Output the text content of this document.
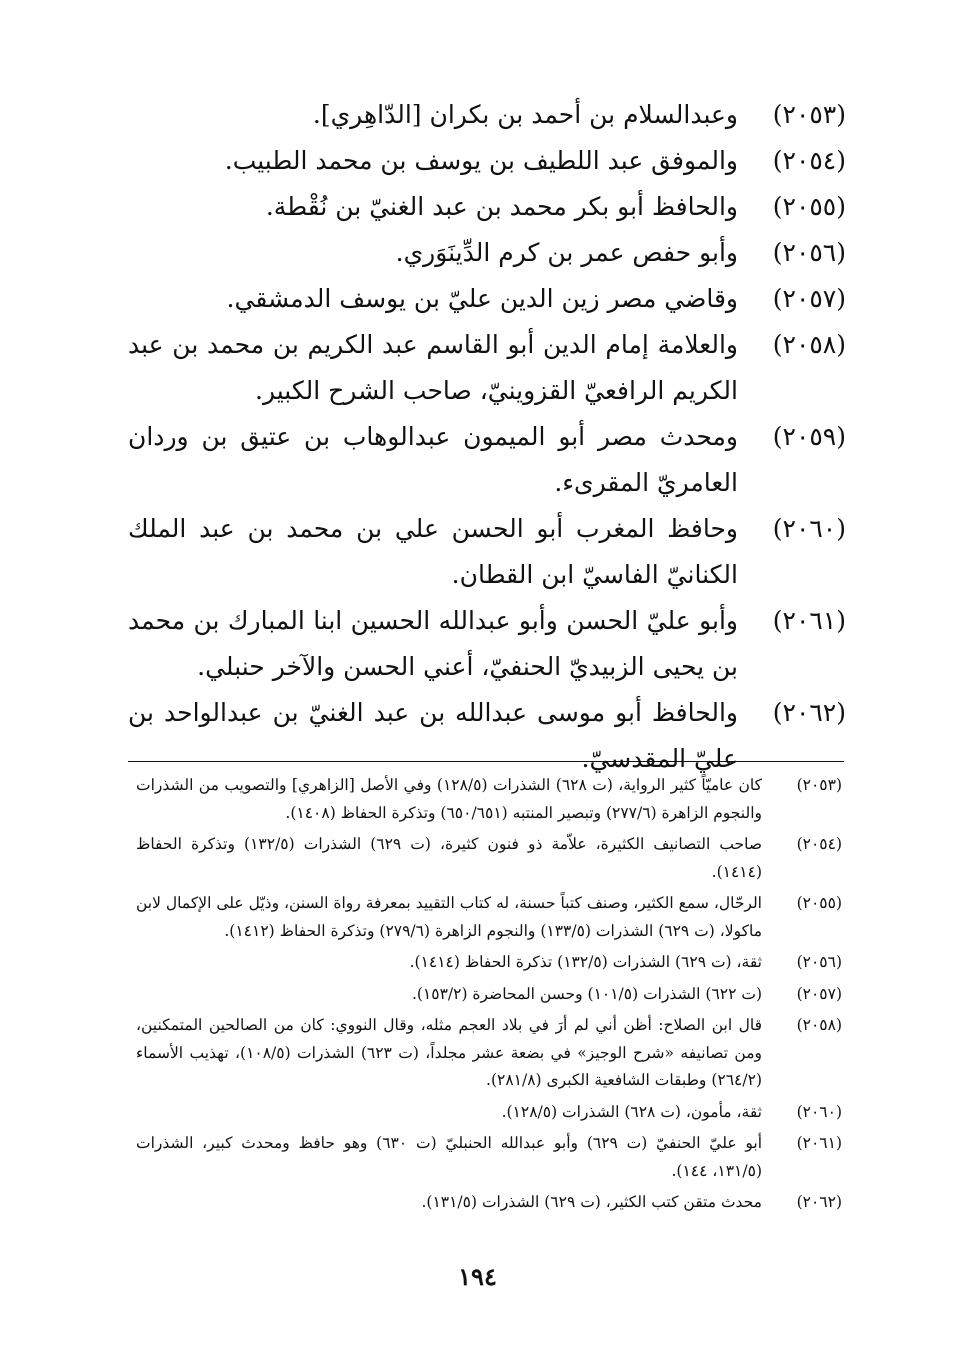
(٢٠٥٣)
وعبدالسلام بن أحمد بن بكران [الدّاهِري].
(٢٠٥٤)
والموفق عبد اللطيف بن يوسف بن محمد الطبيب.
(٢٠٥٥)
والحافظ أبو بكر محمد بن عبد الغنيّ بن نُقْطة.
(٢٠٥٦)
وأبو حفص عمر بن كرم الدِّينَوَري.
(٢٠٥٧)
وقاضي مصر زين الدين عليّ بن يوسف الدمشقي.
(٢٠٥٨)
والعلامة إمام الدين أبو القاسم عبد الكريم بن محمد بن عبد الكريم الرافعيّ القزوينيّ، صاحب الشرح الكبير.
(٢٠٥٩)
ومحدث مصر أبو الميمون عبدالوهاب بن عتيق بن وردان العامريّ المقرىء.
(٢٠٦٠)
وحافظ المغرب أبو الحسن علي بن محمد بن عبد الملك الكنانيّ الفاسيّ ابن القطان.
(٢٠٦١)
وأبو عليّ الحسن وأبو عبدالله الحسين ابنا المبارك بن محمد بن يحيى الزبيديّ الحنفيّ، أعني الحسن والآخر حنبلي.
(٢٠٦٢)
والحافظ أبو موسى عبدالله بن عبد الغنيّ بن عبدالواحد بن عليّ المقدسيّ.
(٢٠٥٣)
كان عاميّاً كثير الرواية، (ت ٦٢٨) الشذرات (١٢٨/٥) وفي الأصل [الزاهري] والتصويب من الشذرات والنجوم الزاهرة (٢٧٧/٦) وتبصير المنتبه (٦٥٠/٦٥١) وتذكرة الحفاظ (١٤٠٨).
(٢٠٥٤)
صاحب التصانيف الكثيرة، علاّمة ذو فنون كثيرة، (ت ٦٢٩) الشذرات (١٣٢/٥) وتذكرة الحفاظ (١٤١٤).
(٢٠٥٥)
الرحّال، سمع الكثير، وصنف كتباً حسنة، له كتاب التقييد بمعرفة رواة السنن، وذيّل على الإكمال لابن ماكولا، (ت ٦٢٩) الشذرات (١٣٣/٥) والنجوم الزاهرة (٢٧٩/٦) وتذكرة الحفاظ (١٤١٢).
(٢٠٥٦)
ثقة، (ت ٦٢٩) الشذرات (١٣٢/٥) تذكرة الحفاظ (١٤١٤).
(٢٠٥٧)
(ت ٦٢٢) الشذرات (١٠١/٥) وحسن المحاضرة (١٥٣/٢).
(٢٠٥٨)
قال ابن الصلاح: أظن أني لم أرَ في بلاد العجم مثله، وقال النووي: كان من الصالحين المتمكنين، ومن تصانيفه «شرح الوجيز» في بضعة عشر مجلداً، (ت ٦٢٣) الشذرات (١٠٨/٥)، تهذيب الأسماء (٢٦٤/٢) وطبقات الشافعية الكبرى (٢٨١/٨).
(٢٠٦٠)
ثقة، مأمون، (ت ٦٢٨) الشذرات (١٢٨/٥).
(٢٠٦١)
أبو عليّ الحنفيّ (ت ٦٢٩) وأبو عبدالله الحنبليّ (ت ٦٣٠) وهو حافظ ومحدث كبير، الشذرات (١٣١/٥، ١٤٤).
(٢٠٦٢)
محدث متقن كتب الكثير، (ت ٦٢٩) الشذرات (١٣١/٥).
١٩٤
